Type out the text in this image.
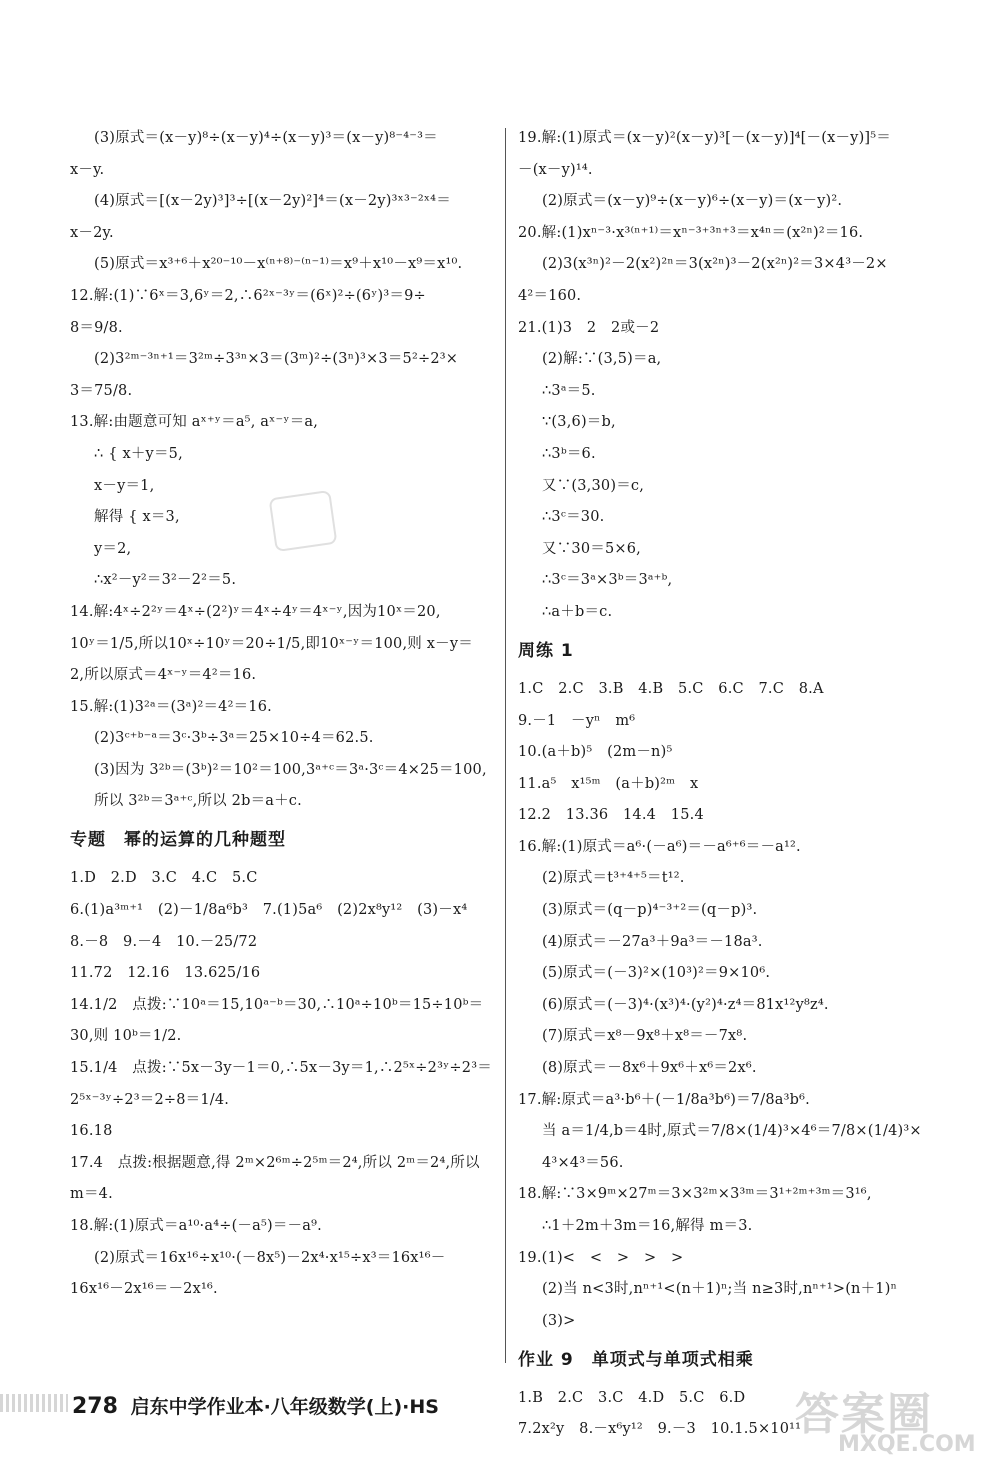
(3)原式＝(x－y)⁸÷(x－y)⁴÷(x－y)³＝(x－y)⁸⁻⁴⁻³＝
x－y.
(4)原式＝[(x－2y)³]³÷[(x－2y)²]⁴＝(x－2y)³ˣ³⁻²ˣ⁴＝
x－2y.
(5)原式＝x³⁺⁶＋x²⁰⁻¹⁰－x⁽ⁿ⁺⁸⁾⁻⁽ⁿ⁻¹⁾＝x⁹＋x¹⁰－x⁹＝x¹⁰.
12.解:(1)∵6ˣ＝3,6ʸ＝2,∴6²ˣ⁻³ʸ＝(6ˣ)²÷(6ʸ)³＝9÷
8＝9/8.
(2)3²ᵐ⁻³ⁿ⁺¹＝3²ᵐ÷3³ⁿ×3＝(3ᵐ)²÷(3ⁿ)³×3＝5²÷2³×
3＝75/8.
13.解:由题意可知 aˣ⁺ʸ＝a⁵, aˣ⁻ʸ＝a,
∴ { x＋y＝5,
x－y＝1,
解得 { x＝3,
y＝2,
∴x²－y²＝3²－2²＝5.
14.解:4ˣ÷2²ʸ＝4ˣ÷(2²)ʸ＝4ˣ÷4ʸ＝4ˣ⁻ʸ,因为10ˣ＝20,
10ʸ＝1/5,所以10ˣ÷10ʸ＝20÷1/5,即10ˣ⁻ʸ＝100,则 x－y＝
2,所以原式＝4ˣ⁻ʸ＝4²＝16.
15.解:(1)3²ᵃ＝(3ᵃ)²＝4²＝16.
(2)3ᶜ⁺ᵇ⁻ᵃ＝3ᶜ·3ᵇ÷3ᵃ＝25×10÷4＝62.5.
(3)因为 3²ᵇ＝(3ᵇ)²＝10²＝100,3ᵃ⁺ᶜ＝3ᵃ·3ᶜ＝4×25＝100,
所以 3²ᵇ＝3ᵃ⁺ᶜ,所以 2b＝a＋c.
专题　幂的运算的几种题型
1.D　2.D　3.C　4.C　5.C
6.(1)a³ᵐ⁺¹　(2)－1/8a⁶b³　7.(1)5a⁶　(2)2x⁸y¹²　(3)－x⁴
8.－8　9.－4　10.－25/72
11.72　12.16　13.625/16
14.1/2　点拨:∵10ᵃ＝15,10ᵃ⁻ᵇ＝30,∴10ᵃ÷10ᵇ＝15÷10ᵇ＝
30,则 10ᵇ＝1/2.
15.1/4　点拨:∵5x－3y－1＝0,∴5x－3y＝1,∴2⁵ˣ÷2³ʸ÷2³＝
2⁵ˣ⁻³ʸ÷2³＝2÷8＝1/4.
16.18
17.4　点拨:根据题意,得 2ᵐ×2⁶ᵐ÷2⁵ᵐ＝2⁴,所以 2ᵐ＝2⁴,所以
m＝4.
18.解:(1)原式＝a¹⁰·a⁴÷(－a⁵)＝－a⁹.
(2)原式＝16x¹⁶÷x¹⁰·(－8x⁵)－2x⁴·x¹⁵÷x³＝16x¹⁶－
16x¹⁶－2x¹⁶＝－2x¹⁶.
19.解:(1)原式＝(x－y)²(x－y)³[－(x－y)]⁴[－(x－y)]⁵＝
－(x－y)¹⁴.
(2)原式＝(x－y)⁹÷(x－y)⁶÷(x－y)＝(x－y)².
20.解:(1)xⁿ⁻³·x³⁽ⁿ⁺¹⁾＝xⁿ⁻³⁺³ⁿ⁺³＝x⁴ⁿ＝(x²ⁿ)²＝16.
(2)3(x³ⁿ)²－2(x²)²ⁿ＝3(x²ⁿ)³－2(x²ⁿ)²＝3×4³－2×
4²＝160.
21.(1)3　2　2或－2
(2)解:∵(3,5)＝a,
∴3ᵃ＝5.
∵(3,6)＝b,
∴3ᵇ＝6.
又∵(3,30)＝c,
∴3ᶜ＝30.
又∵30＝5×6,
∴3ᶜ＝3ᵃ×3ᵇ＝3ᵃ⁺ᵇ,
∴a＋b＝c.
周练 1
1.C　2.C　3.B　4.B　5.C　6.C　7.C　8.A
9.－1　－yⁿ　m⁶
10.(a＋b)⁵　(2m－n)⁵
11.a⁵　x¹⁵ᵐ　(a＋b)²ᵐ　x
12.2　13.36　14.4　15.4
16.解:(1)原式＝a⁶·(－a⁶)＝－a⁶⁺⁶＝－a¹².
(2)原式＝t³⁺⁴⁺⁵＝t¹².
(3)原式＝(q－p)⁴⁻³⁺²＝(q－p)³.
(4)原式＝－27a³＋9a³＝－18a³.
(5)原式＝(－3)²×(10³)²＝9×10⁶.
(6)原式＝(－3)⁴·(x³)⁴·(y²)⁴·z⁴＝81x¹²y⁸z⁴.
(7)原式＝x⁸－9x⁸＋x⁸＝－7x⁸.
(8)原式＝－8x⁶＋9x⁶＋x⁶＝2x⁶.
17.解:原式＝a³·b⁶＋(－1/8a³b⁶)＝7/8a³b⁶.
当 a＝1/4,b＝4时,原式＝7/8×(1/4)³×4⁶＝7/8×(1/4)³×
4³×4³＝56.
18.解:∵3×9ᵐ×27ᵐ＝3×3²ᵐ×3³ᵐ＝3¹⁺²ᵐ⁺³ᵐ＝3¹⁶,
∴1＋2m＋3m＝16,解得 m＝3.
19.(1)<　<　>　>　>
(2)当 n<3时,nⁿ⁺¹<(n＋1)ⁿ;当 n≥3时,nⁿ⁺¹>(n＋1)ⁿ
(3)>
作业 9　单项式与单项式相乘
1.B　2.C　3.C　4.D　5.C　6.D
7.2x²y　8.－x⁶y¹²　9.－3　10.1.5×10¹¹
278 启东中学作业本·八年级数学(上)·HS	答案圈
MXQE.COM
